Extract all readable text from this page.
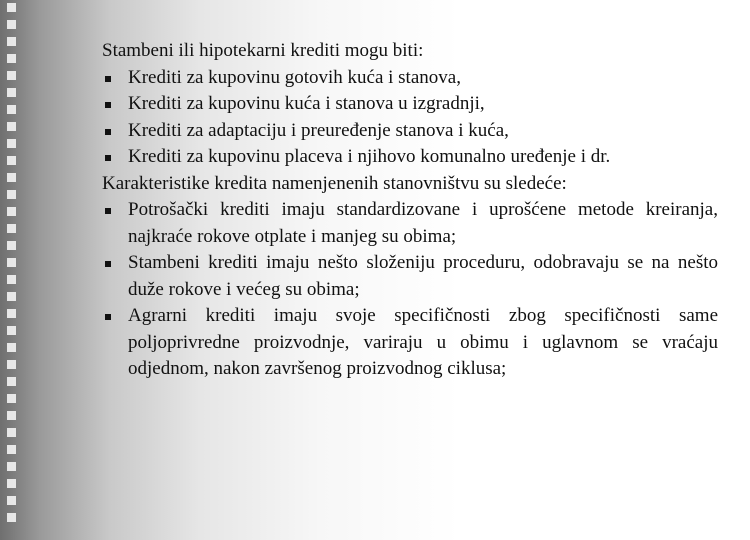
Stambeni ili hipotekarni krediti mogu biti:

Krediti za kupovinu gotovih kuća i stanova,
Krediti za kupovinu kuća i stanova u izgradnji,
Krediti za adaptaciju i preuređenje stanova i kuća,
Krediti za kupovinu placeva i njihovo komunalno uređenje i dr.

Karakteristike kredita namenjenenih stanovništvu su sledeće:

Potrošački krediti imaju standardizovane i uprošćene metode kreiranja, najkraće rokove otplate i manjeg su obima;
Stambeni krediti imaju nešto složeniju proceduru, odobravaju se na nešto duže rokove i većeg su obima;
Agrarni krediti imaju svoje specifičnosti zbog specifičnosti same poljoprivredne proizvodnje, variraju u obimu i uglavnom se vraćaju odjednom, nakon završenog proizvodnog ciklusa;
